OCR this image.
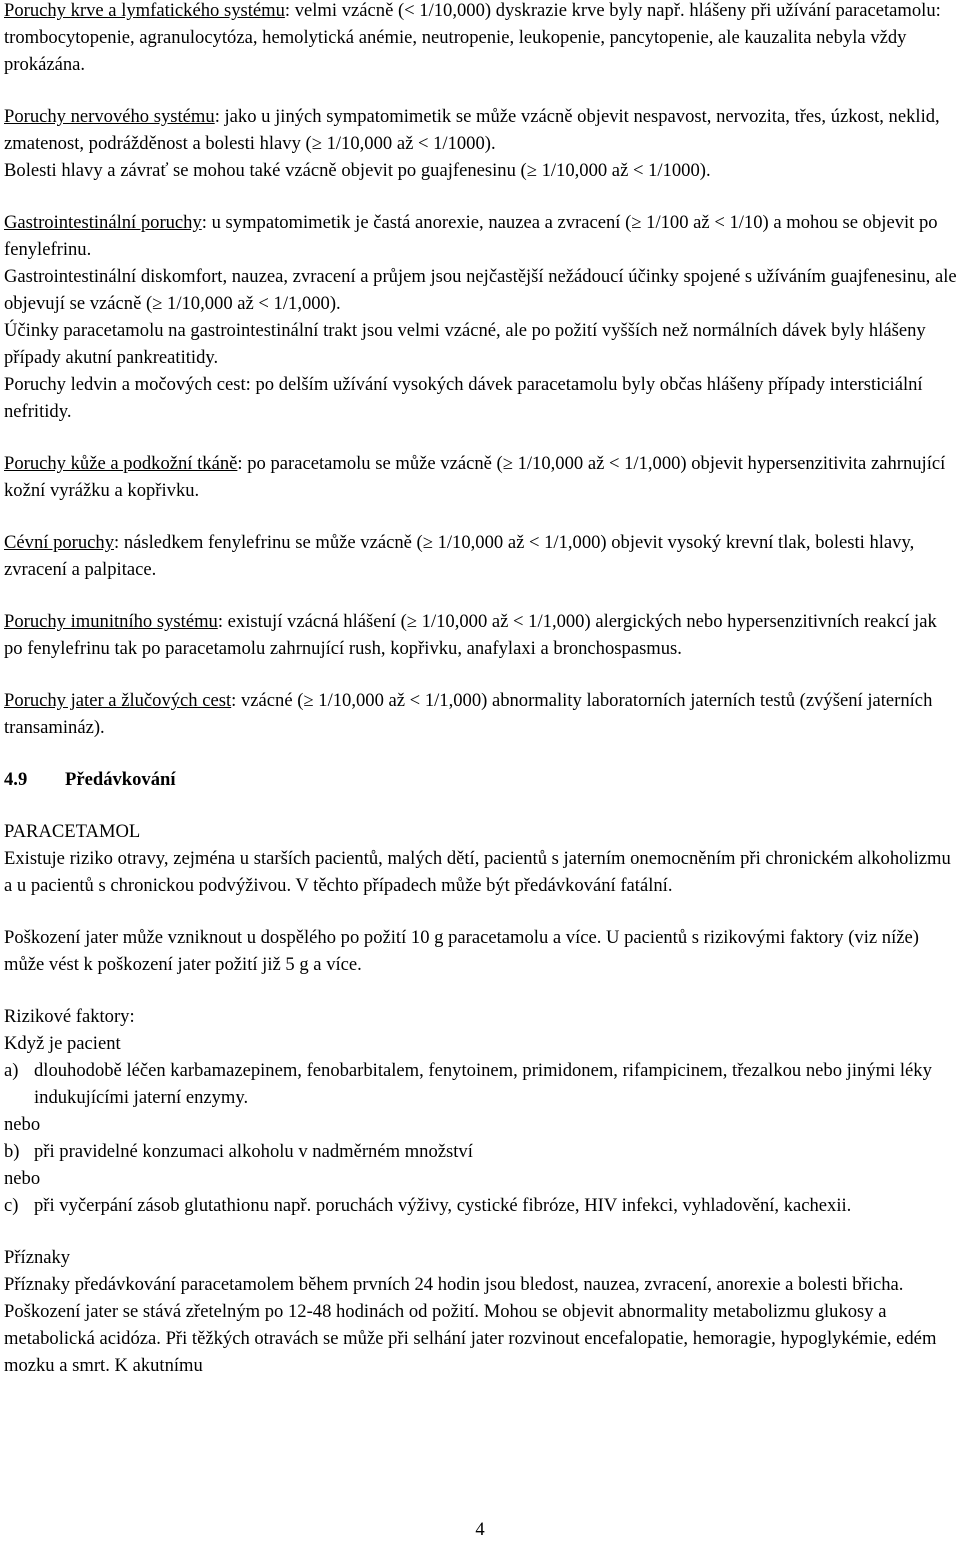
Poruchy krve a lymfatického systému: velmi vzácně (< 1/10,000) dyskrazie krve byly např. hlášeny při užívání paracetamolu: trombocytopenie, agranulocytóza, hemolytická anémie, neutropenie, leukopenie, pancytopenie, ale kauzalita nebyla vždy prokázána.

Poruchy nervového systému: jako u jiných sympatomimetik se může vzácně objevit nespavost, nervozita, třes, úzkost, neklid, zmatenost, podrážděnost a bolesti hlavy (≥ 1/10,000 až < 1/1000).

Bolesti hlavy a závrať se mohou také vzácně objevit po guajfenesinu (≥ 1/10,000 až < 1/1000).

Gastrointestinální poruchy: u sympatomimetik je častá anorexie, nauzea a zvracení (≥ 1/100 až < 1/10) a mohou se objevit po fenylefrinu.

Gastrointestinální diskomfort, nauzea, zvracení a průjem jsou nejčastější nežádoucí účinky spojené s užíváním guajfenesinu, ale objevují se vzácně (≥ 1/10,000 až < 1/1,000).

Účinky paracetamolu na gastrointestinální trakt jsou velmi vzácné, ale po požití vyšších než normálních dávek byly hlášeny případy akutní pankreatitidy.

Poruchy ledvin a močových cest: po delším užívání vysokých dávek paracetamolu byly občas hlášeny případy intersticiální nefritidy.

Poruchy kůže a podkožní tkáně: po paracetamolu se může vzácně (≥ 1/10,000 až < 1/1,000) objevit hypersenzitivita zahrnující kožní vyrážku a kopřivku.

Cévní poruchy: následkem fenylefrinu se může vzácně (≥ 1/10,000 až < 1/1,000) objevit vysoký krevní tlak, bolesti hlavy, zvracení a palpitace.

Poruchy imunitního systému: existují vzácná hlášení (≥ 1/10,000 až < 1/1,000) alergických nebo hypersenzitivních reakcí jak po fenylefrinu tak po paracetamolu zahrnující rush, kopřivku, anafylaxi a bronchospasmus.

Poruchy jater a žlučových cest: vzácné (≥ 1/10,000 až < 1/1,000) abnormality laboratorních jaterních testů (zvýšení jaterních transamináz).

4.9 Předávkování

PARACETAMOL

Existuje riziko otravy, zejména u starších pacientů, malých dětí, pacientů s jaterním onemocněním při chronickém alkoholizmu a u pacientů s chronickou podvýživou. V těchto případech může být předávkování fatální.

Poškození jater může vzniknout u dospělého po požití 10 g paracetamolu a více. U pacientů s rizikovými faktory (viz níže) může vést k poškození jater požití již 5 g a více.

Rizikové faktory:

Když je pacient

a) dlouhodobě léčen karbamazepinem, fenobarbitalem, fenytoinem, primidonem, rifampicinem, třezalkou nebo jinými léky indukujícími jaterní enzymy.

nebo

b) při pravidelné konzumaci alkoholu v nadměrném množství

nebo

c) při vyčerpání zásob glutathionu např. poruchách výživy, cystické fibróze, HIV infekci, vyhladovění, kachexii.

Příznaky

Příznaky předávkování paracetamolem během prvních 24 hodin jsou bledost, nauzea, zvracení, anorexie a bolesti břicha. Poškození jater se stává zřetelným po 12-48 hodinách od požití. Mohou se objevit abnormality metabolizmu glukosy a metabolická acidóza. Při těžkých otravách se může při selhání jater rozvinout encefalopatie, hemoragie, hypoglykémie, edém mozku a smrt. K akutnímu

4
